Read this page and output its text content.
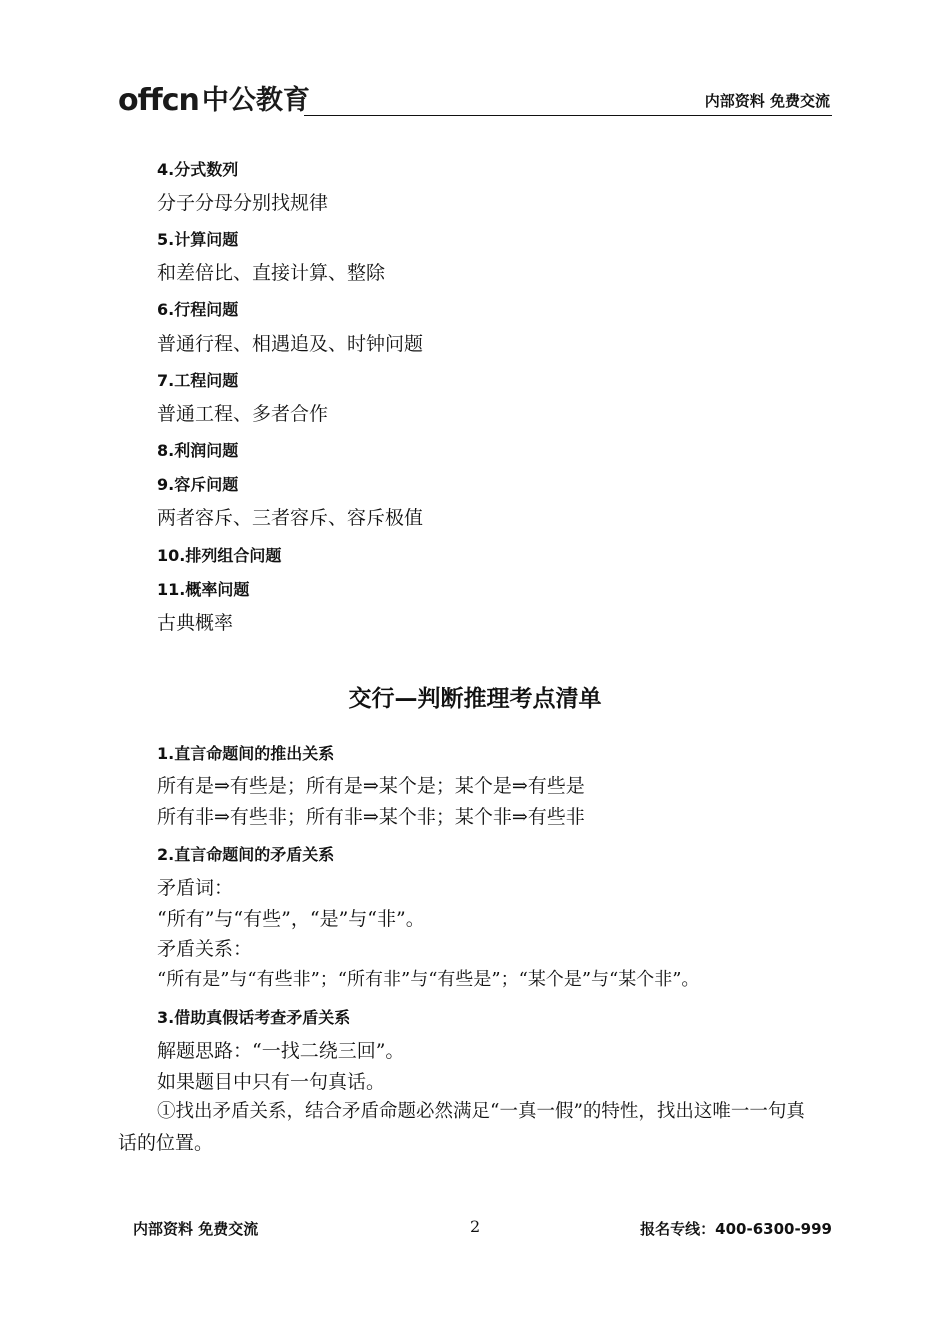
offcn 中公教育	内部资料 免费交流
4.分式数列
分子分母分别找规律
5.计算问题
和差倍比、直接计算、整除
6.行程问题
普通行程、相遇追及、时钟问题
7.工程问题
普通工程、多者合作
8.利润问题
9.容斥问题
两者容斥、三者容斥、容斥极值
10.排列组合问题
11.概率问题
古典概率
交行—判断推理考点清单
1.直言命题间的推出关系
所有是⇒有些是；所有是⇒某个是；某个是⇒有些是
所有非⇒有些非；所有非⇒某个非；某个非⇒有些非
2.直言命题间的矛盾关系
矛盾词：
“所有”与“有些”，“是”与“非”。
矛盾关系：
“所有是”与“有些非”；“所有非”与“有些是”；“某个是”与“某个非”。
3.借助真假话考查矛盾关系
解题思路：“一找二绕三回”。
如果题目中只有一句真话。
①找出矛盾关系，结合矛盾命题必然满足“一真一假”的特性，找出这唯一一句真
话的位置。
内部资料 免费交流	2	报名专线：400-6300-999
